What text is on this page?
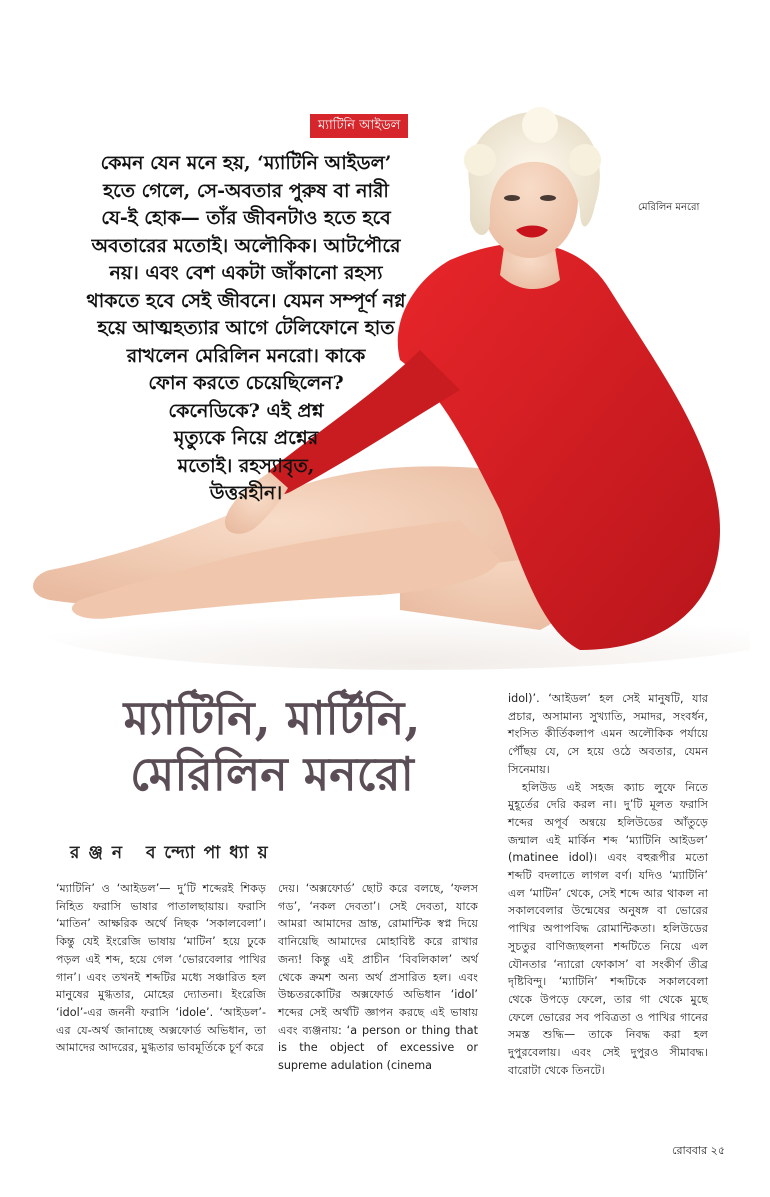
ম্যাটিনি আইডল
কেমন যেন মনে হয়, ‘ম্যাটিনি আইডল’
হতে গেলে, সে-অবতার পুরুষ বা নারী
যে-ই হোক— তাঁর জীবনটাও হতে হবে
অবতারের মতোই। অলৌকিক। আটপৌরে
নয়। এবং বেশ একটা জাঁকানো রহস্য
থাকতে হবে সেই জীবনে। যেমন সম্পূর্ণ নগ্ন
হয়ে আত্মহত্যার আগে টেলিফোনে হাত
রাখলেন মেরিলিন মনরো। কাকে
ফোন করতে চেয়েছিলেন?
কেনেডিকে? এই প্রশ্ন
মৃত্যুকে নিয়ে প্রশ্নের
মতোই। রহস্যাবৃত,
উত্তরহীন।
মেরিলিন মনরো
ম্যাটিনি, মার্টিনি,
মেরিলিন মনরো
রঞ্জন বন্দ্যোপাধ্যায়

‘ম্যাটিনি’ ও ‘আইডল’— দু’টি শব্দেরই শিকড় নিহিত ফরাসি ভাষার পাতালছায়ায়। ফরাসি ‘মাতিন’ আক্ষরিক অর্থে নিছক ‘সকালবেলা’। কিন্তু যেই ইংরেজি ভাষায় ‘মাটিন’ হয়ে ঢুকে পড়ল এই শব্দ, হয়ে গেল ‘ভোরবেলার পাখির গান’। এবং তখনই শব্দটির মধ্যে সঞ্চারিত হল মানুষের মুগ্ধতার, মোহের দ্যোতনা। ইংরেজি ‘idol’-এর জননী ফরাসি ‘idole’. ‘আইডল’-এর যে-অর্থ জানাচ্ছে অক্সফোর্ড অভিধান, তা আমাদের আদরের, মুগ্ধতার ভাবমূর্তিকে চূর্ণ করে

দেয়। ‘অক্সফোর্ড’ ছোট করে বলছে, ‘ফলস গড’, ‘নকল দেবতা’। সেই দেবতা, যাকে আমরা আমাদের ভ্রান্ত, রোমান্টিক স্বপ্ন দিয়ে বানিয়েছি আমাদের মোহাবিষ্ট করে রাখার জন্য! কিন্তু এই প্রাচীন ‘বিবলিকাল’ অর্থ থেকে ক্রমশ অন্য অর্থ প্রসারিত হল। এবং উচ্চতরকোটির অক্সফোর্ড অভিধান ‘idol’ শব্দের সেই অর্থটি জ্ঞাপন করছে এই ভাষায় এবং ব্যঞ্জনায়: ‘a person or thing that is the object of excessive or supreme adulation (cinema

idol)’. ‘আইডল’ হল সেই মানুষটি, যার প্রচার, অসামান্য সুখ্যাতি, সমাদর, সংবর্ধন, শংসিত কীর্তিকলাপ এমন অলৌকিক পর্যায়ে পৌঁছয় যে, সে হয়ে ওঠে অবতার, যেমন সিনেমায়।

হলিউড এই সহজ ক্যাচ লুফে নিতে মুহূর্তের দেরি করল না। দু’টি মূলত ফরাসি শব্দের অপূর্ব অন্বয়ে হলিউডের আঁতুড়ে জন্মাল এই মার্কিন শব্দ ‘ম্যাটিনি আইডল’ (matinee idol)। এবং বহুরূপীর মতো শব্দটি বদলাতে লাগল বর্ণ। যদিও ‘ম্যাটিনি’ এল ‘মাটিন’ থেকে, সেই শব্দে আর থাকল না সকালবেলার উন্মেষের অনুষঙ্গ বা ভোরের পাখির অপাপবিদ্ধ রোমান্টিকতা। হলিউডের সুচতুর বাণিজ্যছলনা শব্দটিতে নিয়ে এল যৌনতার ‘ন্যারো ফোকাস’ বা সংকীর্ণ তীব্র দৃষ্টিবিন্দু। ‘ম্যাটিনি’ শব্দটিকে সকালবেলা থেকে উপড়ে ফেলে, তার গা থেকে মুছে ফেলে ভোরের সব পবিত্রতা ও পাখির গানের সমস্ত শুদ্ধি— তাকে নিবদ্ধ করা হল দুপুরবেলায়। এবং সেই দুপুরও সীমাবদ্ধ। বারোটা থেকে তিনটে।

রোববার ২৫
